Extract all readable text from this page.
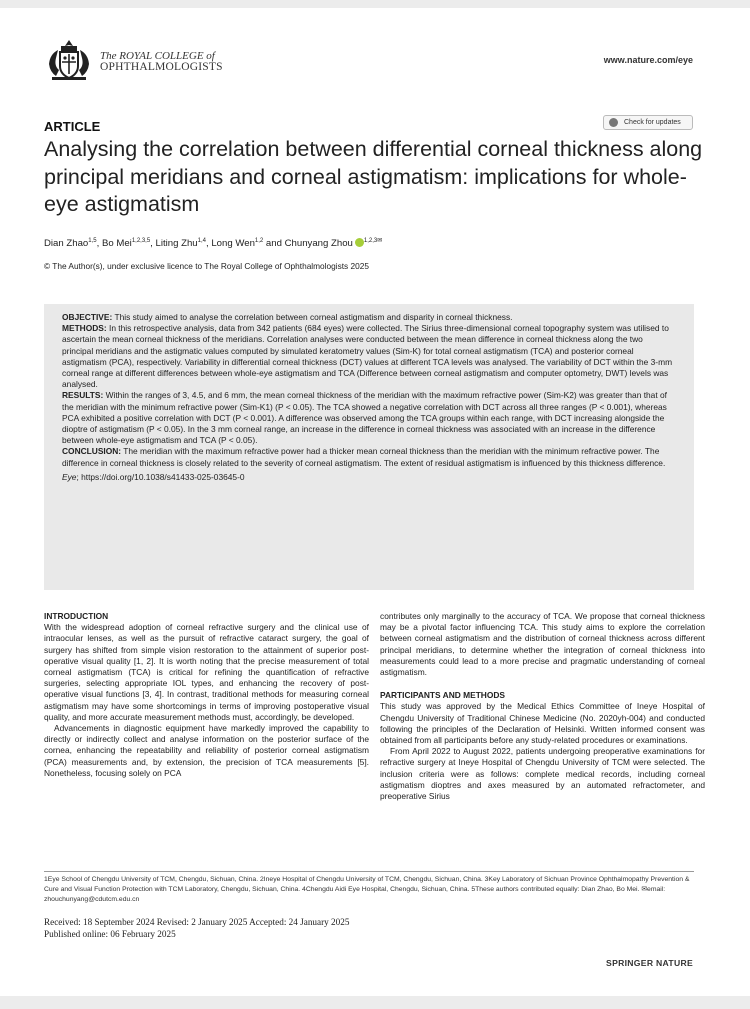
The ROYAL COLLEGE of
OPHTHALMOLOGISTS
www.nature.com/eye
ARTICLE	Check for updates
Analysing the correlation between differential corneal thickness along principal meridians and corneal astigmatism: implications for whole-eye astigmatism
Dian Zhao$^{1,5}$, Bo Mei$^{1,2,3,5}$, Liting Zhu$^{1,4}$, Long Wen$^{1,2}$ and Chunyang Zhou $^{1,2,3✉}$
© The Author(s), under exclusive licence to The Royal College of Ophthalmologists 2025

OBJECTIVE: This study aimed to analyse the correlation between corneal astigmatism and disparity in corneal thickness.

METHODS: In this retrospective analysis, data from 342 patients (684 eyes) were collected. The Sirius three-dimensional corneal topography system was utilised to ascertain the mean corneal thickness of the meridians. Correlation analyses were conducted between the mean difference in corneal thickness along the two principal meridians and the astigmatic values computed by simulated keratometry values (Sim-K) for total corneal astigmatism (TCA) and posterior corneal astigmatism (PCA), respectively. Variability in differential corneal thickness (DCT) values at different TCA levels was analysed. The variability of DCT within the 3-mm corneal range at different differences between whole-eye astigmatism and TCA (Difference between corneal astigmatism and computer optometry, DWT) levels was analysed.

RESULTS: Within the ranges of 3, 4.5, and 6 mm, the mean corneal thickness of the meridian with the maximum refractive power (Sim-K2) was greater than that of the meridian with the minimum refractive power (Sim-K1) (P < 0.05). The TCA showed a negative correlation with DCT across all three ranges (P < 0.001), whereas PCA exhibited a positive correlation with DCT (P < 0.001). A difference was observed among the TCA groups within each range, with DCT increasing alongside the dioptre of astigmatism (P < 0.05). In the 3 mm corneal range, an increase in the difference in corneal thickness was associated with an increase in the difference between whole-eye astigmatism and TCA (P < 0.05).

CONCLUSION: The meridian with the maximum refractive power had a thicker mean corneal thickness than the meridian with the minimum refractive power. The difference in corneal thickness is closely related to the severity of corneal astigmatism. The extent of residual astigmatism is influenced by this thickness difference.

Eye; https://doi.org/10.1038/s41433-025-03645-0

INTRODUCTION

With the widespread adoption of corneal refractive surgery and the clinical use of intraocular lenses, as well as the pursuit of refractive cataract surgery, the goal of surgery has shifted from simple vision restoration to the attainment of superior post-operative visual quality [1, 2]. It is worth noting that the precise measurement of total corneal astigmatism (TCA) is critical for refining the quantification of refractive surgeries, selecting appropriate IOL types, and enhancing the recovery of post-operative visual functions [3, 4]. In contrast, traditional methods for measuring corneal astigmatism may have some shortcomings in terms of improving postoperative visual quality, and more accurate measurement methods must, accordingly, be developed.

Advancements in diagnostic equipment have markedly improved the capability to directly or indirectly collect and analyse information on the posterior surface of the cornea, enhancing the repeatability and reliability of posterior corneal astigmatism (PCA) measurements and, by extension, the precision of TCA measurements [5]. Nonetheless, focusing solely on PCA

contributes only marginally to the accuracy of TCA. We propose that corneal thickness may be a pivotal factor influencing TCA. This study aims to explore the correlation between corneal astigmatism and the distribution of corneal thickness across different principal meridians, to determine whether the integration of corneal thickness into measurements could lead to a more precise and pragmatic understanding of corneal astigmatism.

PARTICIPANTS AND METHODS

This study was approved by the Medical Ethics Committee of Ineye Hospital of Chengdu University of Traditional Chinese Medicine (No. 2020yh-004) and conducted following the principles of the Declaration of Helsinki. Written informed consent was obtained from all participants before any study-related procedures or examinations.

From April 2022 to August 2022, patients undergoing preoperative examinations for refractive surgery at Ineye Hospital of Chengdu University of TCM were selected. The inclusion criteria were as follows: complete medical records, including corneal astigmatism dioptres and axes measured by an automated refractometer, and preoperative Sirius

1Eye School of Chengdu University of TCM, Chengdu, Sichuan, China. 2Ineye Hospital of Chengdu University of TCM, Chengdu, Sichuan, China. 3Key Laboratory of Sichuan Province Ophthalmopathy Prevention & Cure and Visual Function Protection with TCM Laboratory, Chengdu, Sichuan, China. 4Chengdu Aidi Eye Hospital, Chengdu, Sichuan, China. 5These authors contributed equally: Dian Zhao, Bo Mei. ✉email: zhouchunyang@cdutcm.edu.cn
Received: 18 September 2024 Revised: 2 January 2025 Accepted: 24 January 2025
Published online: 06 February 2025
SPRINGER NATURE
